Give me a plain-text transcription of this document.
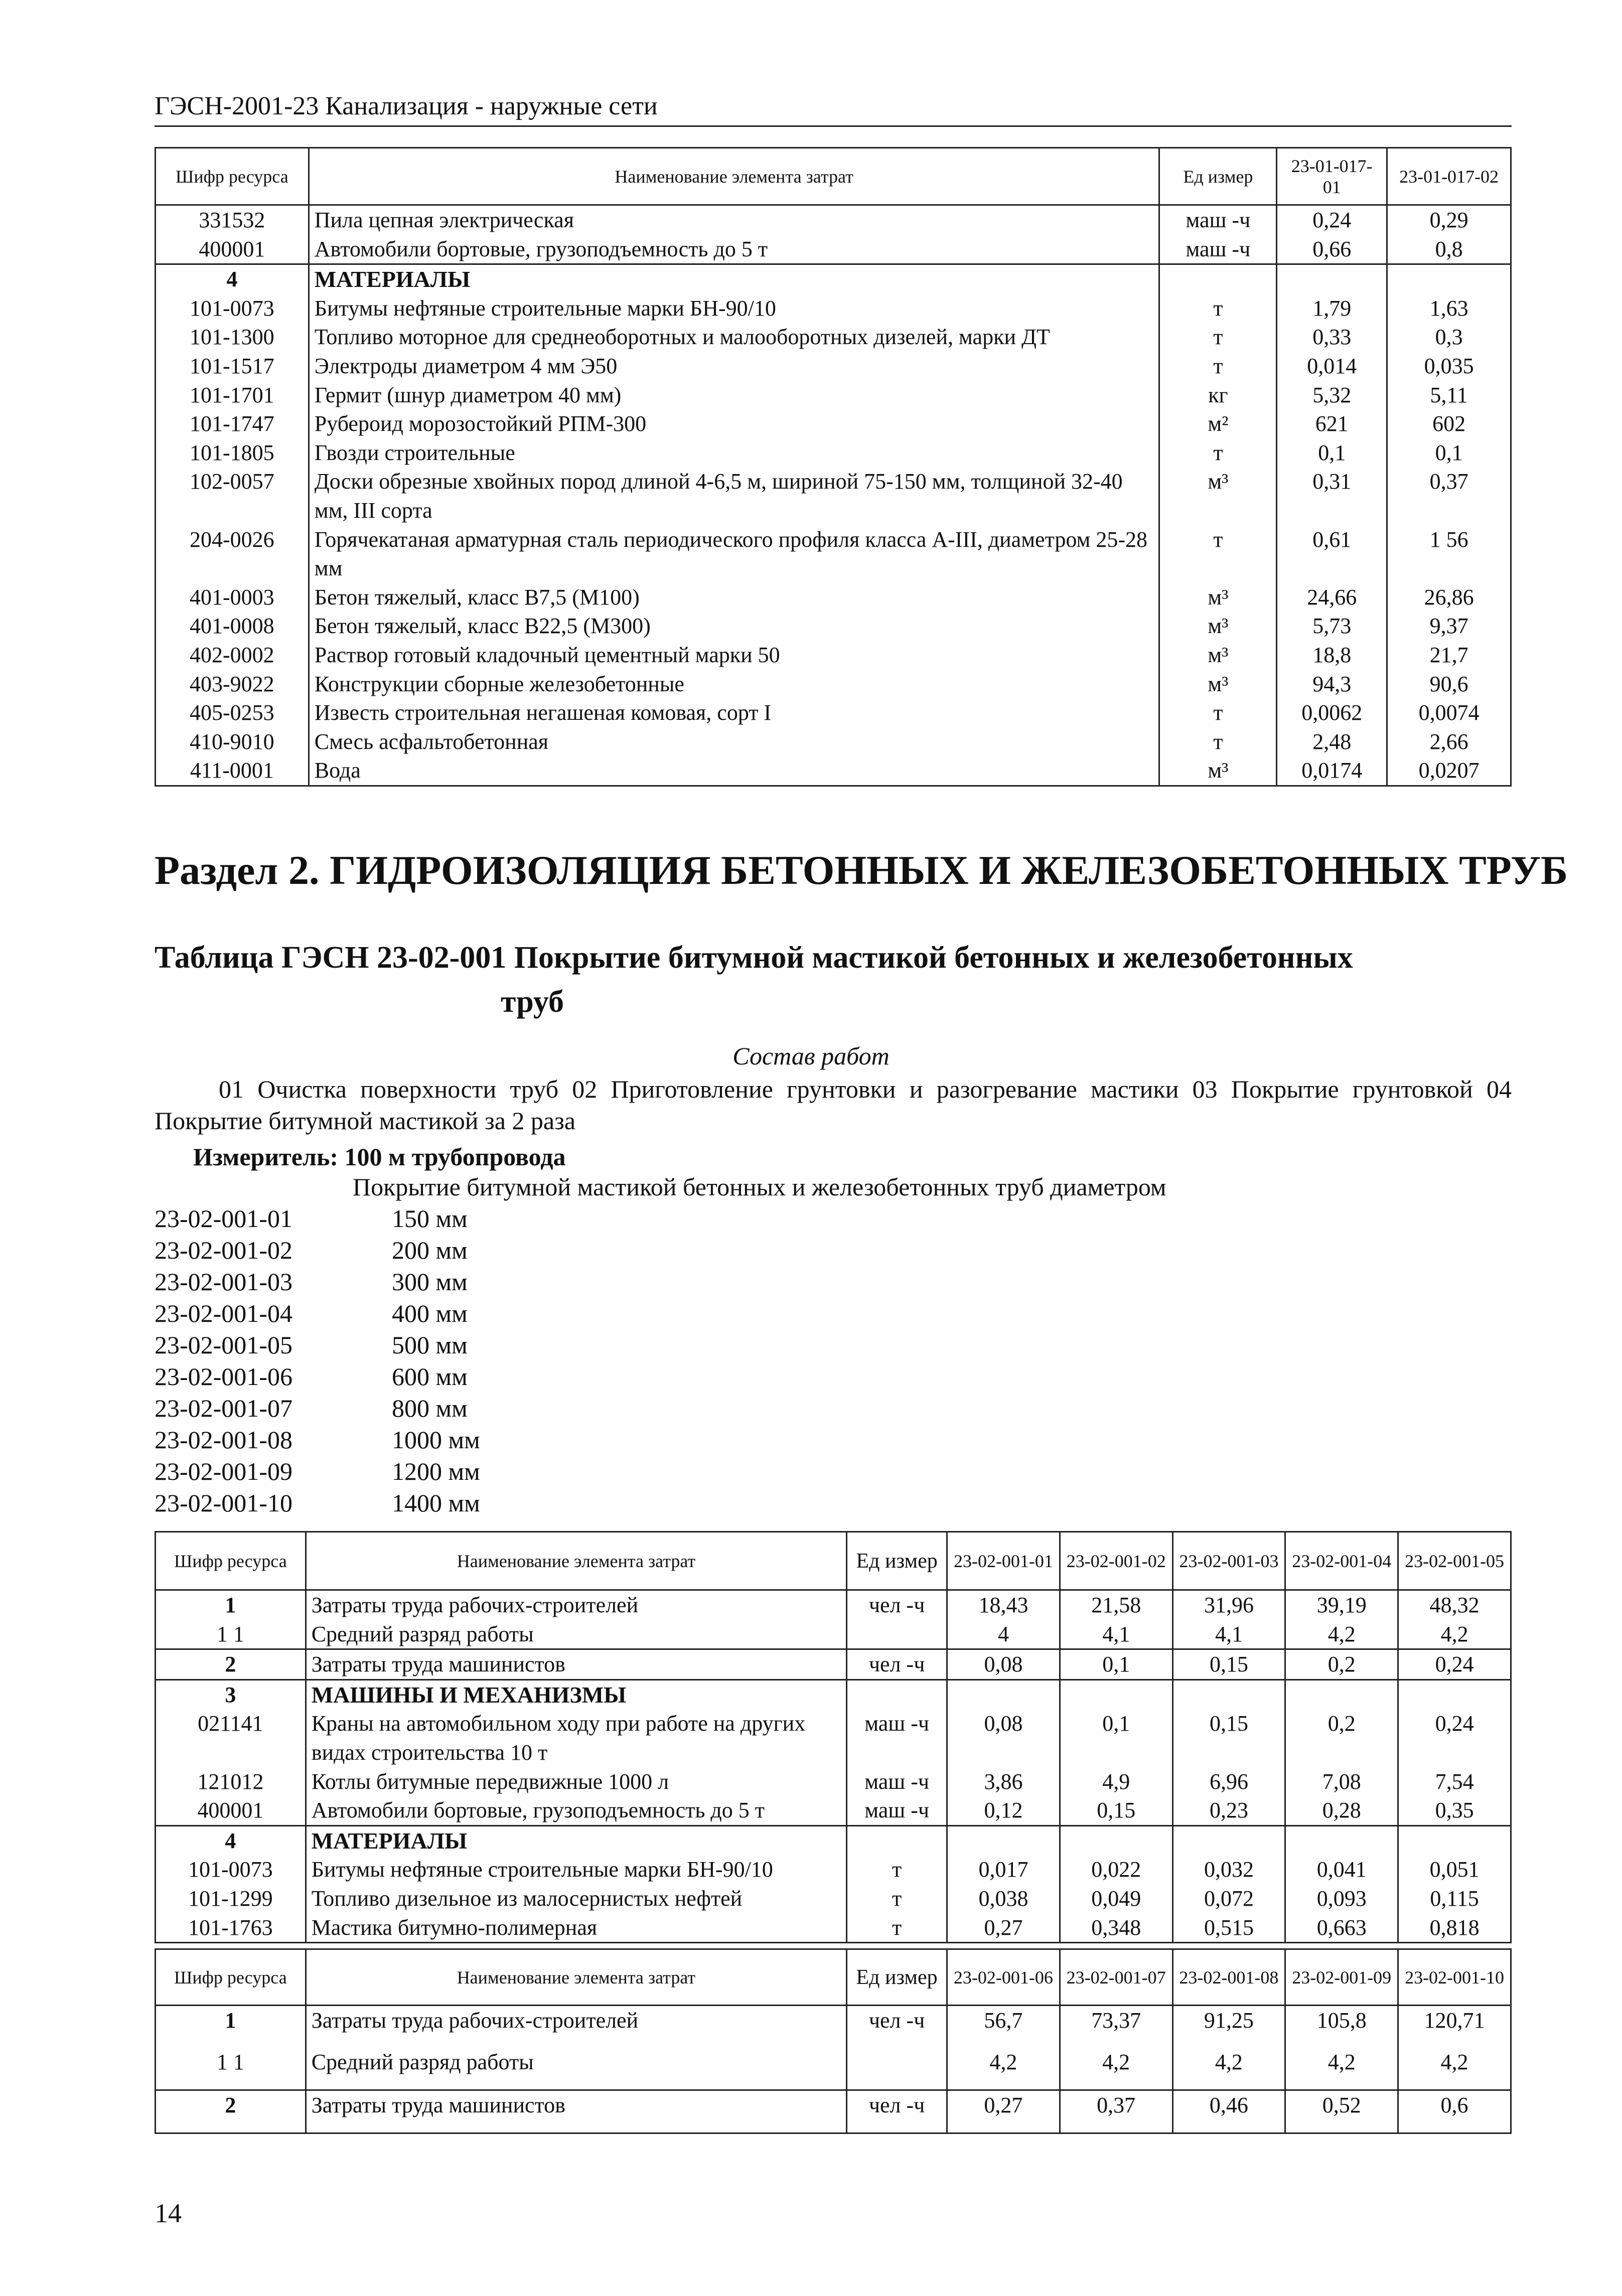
ГЭСН-2001-23 Канализация - наружные сети
Шифр ресурса	Наименование элемента затрат	Ед измер	23-01-017-01	23-01-017-02
331532	Пила цепная электрическая	маш -ч	0,24	0,29
400001	Автомобили бортовые, грузоподъемность до 5 т	маш -ч	0,66	0,8
4	МАТЕРИАЛЫ			
101-0073	Битумы нефтяные строительные марки БН-90/10	т	1,79	1,63
101-1300	Топливо моторное для среднеоборотных и малооборотных дизелей, марки ДТ	т	0,33	0,3
101-1517	Электроды диаметром 4 мм Э50	т	0,014	0,035
101-1701	Гермит (шнур диаметром 40 мм)	кг	5,32	5,11
101-1747	Рубероид морозостойкий РПМ-300	м²	621	602
101-1805	Гвозди строительные	т	0,1	0,1
102-0057	Доски обрезные хвойных пород длиной 4-6,5 м, шириной 75-150 мм, толщиной 32-40 мм, III сорта	м³	0,31	0,37
204-0026	Горячекатаная арматурная сталь периодического профиля класса А-III, диаметром 25-28 мм	т	0,61	1 56
401-0003	Бетон тяжелый, класс В7,5 (М100)	м³	24,66	26,86
401-0008	Бетон тяжелый, класс В22,5 (М300)	м³	5,73	9,37
402-0002	Раствор готовый кладочный цементный марки 50	м³	18,8	21,7
403-9022	Конструкции сборные железобетонные	м³	94,3	90,6
405-0253	Известь строительная негашеная комовая, сорт I	т	0,0062	0,0074
410-9010	Смесь асфальтобетонная	т	2,48	2,66
411-0001	Вода	м³	0,0174	0,0207
Раздел 2. ГИДРОИЗОЛЯЦИЯ БЕТОННЫХ И ЖЕЛЕЗОБЕТОННЫХ ТРУБ
Таблица ГЭСН 23-02-001 Покрытие битумной мастикой бетонных и железобетонных
труб
Состав работ
01 Очистка поверхности труб 02 Приготовление грунтовки и разогревание мастики 03 Покрытие грунтовкой 04 Покрытие битумной мастикой за 2 раза
Измеритель: 100 м трубопровода
Покрытие битумной мастикой бетонных и железобетонных труб диаметром
23-02-001-01	150 мм
23-02-001-02	200 мм
23-02-001-03	300 мм
23-02-001-04	400 мм
23-02-001-05	500 мм
23-02-001-06	600 мм
23-02-001-07	800 мм
23-02-001-08	1000 мм
23-02-001-09	1200 мм
23-02-001-10	1400 мм
Шифр ресурса	Наименование элемента затрат	Ед измер	23-02-001-01	23-02-001-02	23-02-001-03	23-02-001-04	23-02-001-05
1	Затраты труда рабочих-строителей	чел -ч	18,43	21,58	31,96	39,19	48,32
1 1	Средний разряд работы		4	4,1	4,1	4,2	4,2
2	Затраты труда машинистов	чел -ч	0,08	0,1	0,15	0,2	0,24
3	МАШИНЫ И МЕХАНИЗМЫ						
021141	Краны на автомобильном ходу при работе на других видах строительства 10 т	маш -ч	0,08	0,1	0,15	0,2	0,24
121012	Котлы битумные передвижные 1000 л	маш -ч	3,86	4,9	6,96	7,08	7,54
400001	Автомобили бортовые, грузоподъемность до 5 т	маш -ч	0,12	0,15	0,23	0,28	0,35
4	МАТЕРИАЛЫ						
101-0073	Битумы нефтяные строительные марки БН-90/10	т	0,017	0,022	0,032	0,041	0,051
101-1299	Топливо дизельное из малосернистых нефтей	т	0,038	0,049	0,072	0,093	0,115
101-1763	Мастика битумно-полимерная	т	0,27	0,348	0,515	0,663	0,818
Шифр ресурса	Наименование элемента затрат	Ед измер	23-02-001-06	23-02-001-07	23-02-001-08	23-02-001-09	23-02-001-10
1	Затраты труда рабочих-строителей	чел -ч	56,7	73,37	91,25	105,8	120,71
1 1	Средний разряд работы		4,2	4,2	4,2	4,2	4,2
2	Затраты труда машинистов	чел -ч	0,27	0,37	0,46	0,52	0,6

14
